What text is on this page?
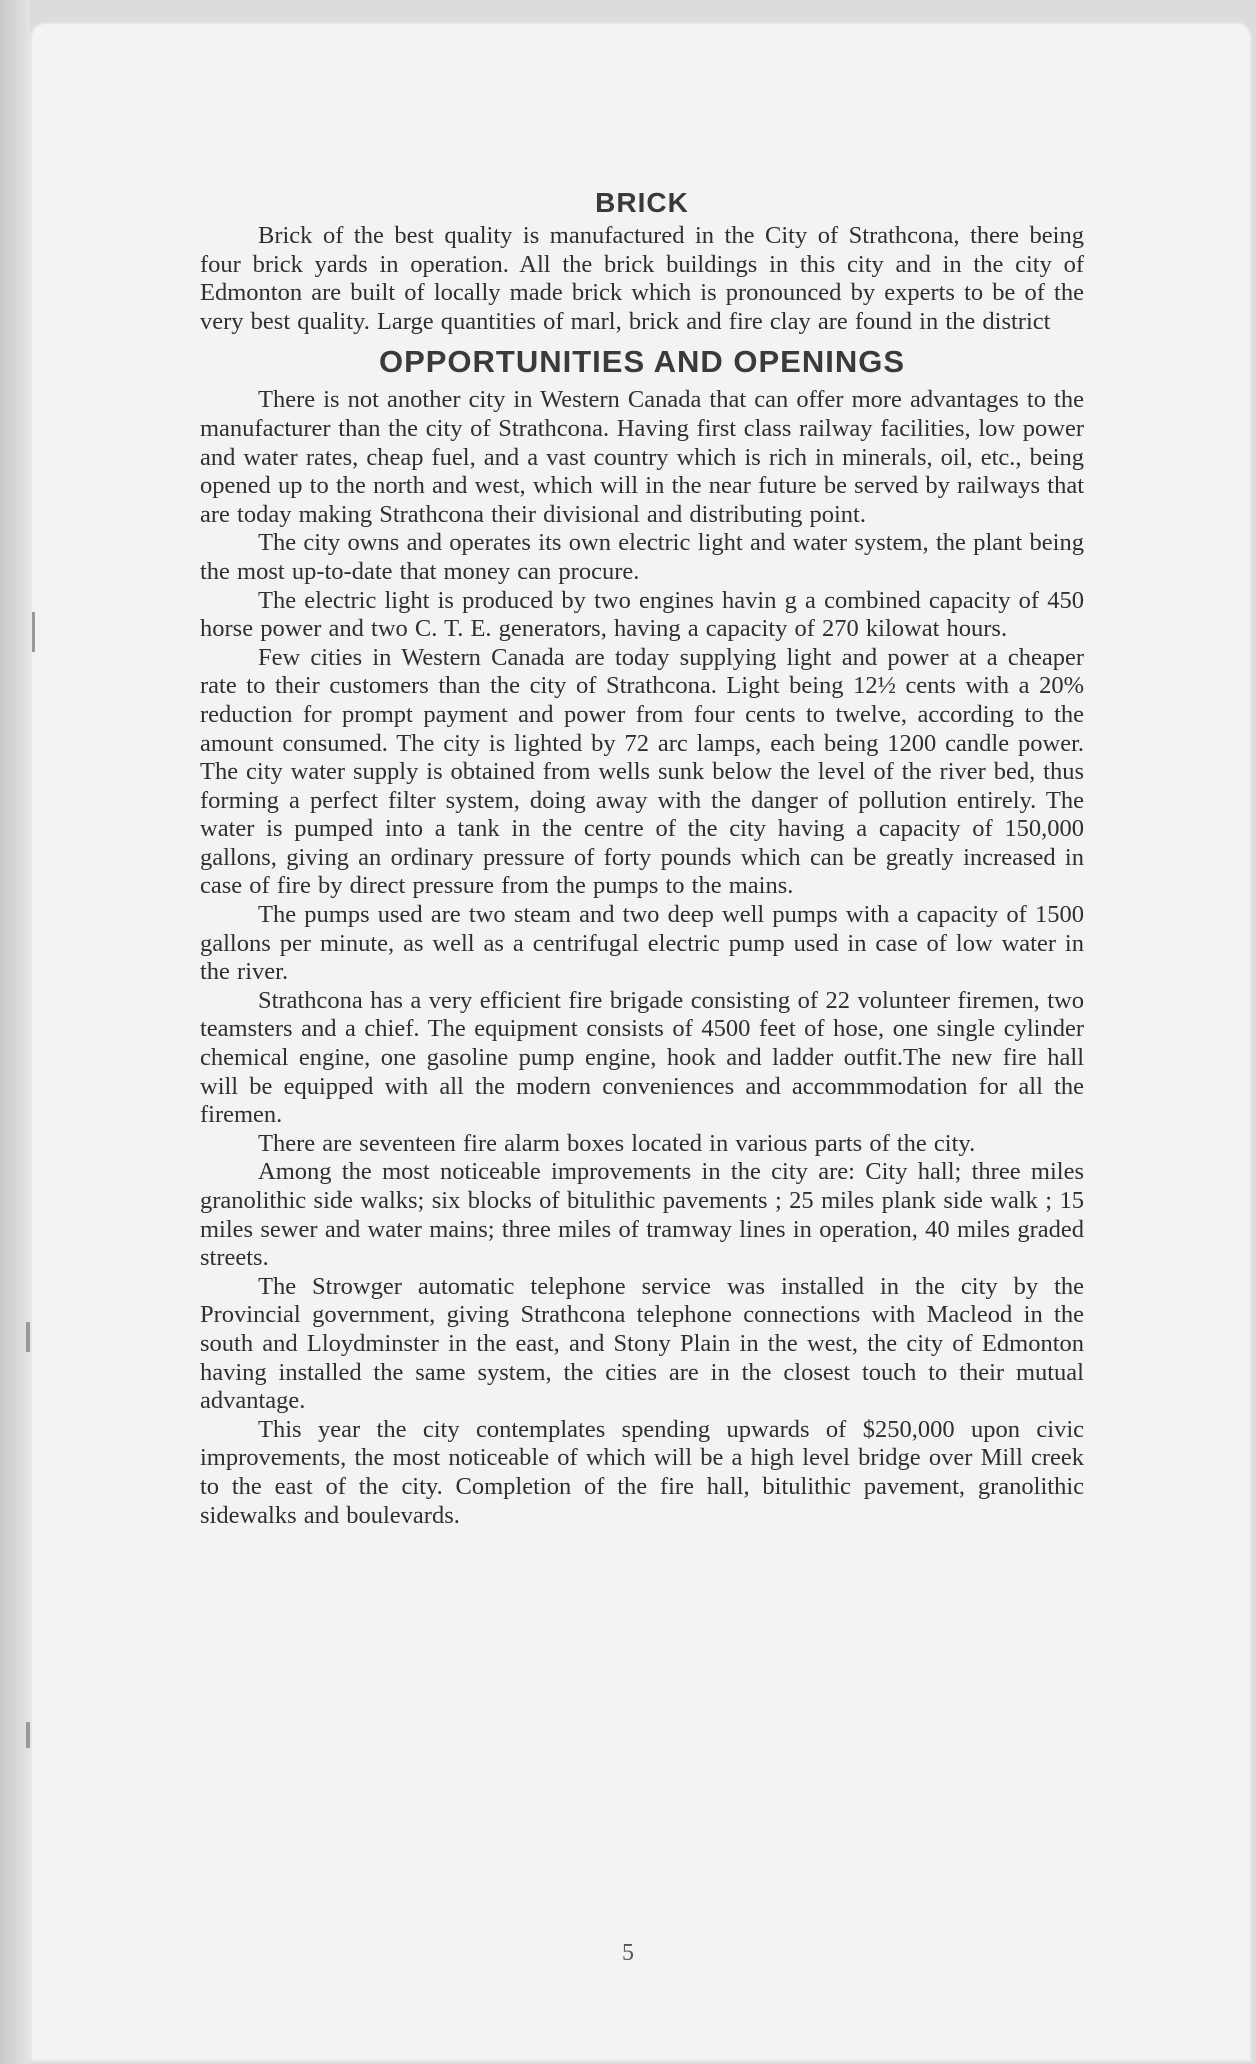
BRICK

Brick of the best quality is manufactured in the City of Strathcona, there being four brick yards in operation. All the brick buildings in this city and in the city of Edmonton are built of locally made brick which is pronounced by experts to be of the very best quality. Large quantities of marl, brick and fire clay are found in the district

OPPORTUNITIES AND OPENINGS

There is not another city in Western Canada that can offer more advantages to the manufacturer than the city of Strathcona. Having first class railway facilities, low power and water rates, cheap fuel, and a vast country which is rich in minerals, oil, etc., being opened up to the north and west, which will in the near future be served by railways that are today making Strathcona their divisional and distributing point.

The city owns and operates its own electric light and water system, the plant being the most up-to-date that money can procure.

The electric light is produced by two engines havin g a combined capacity of 450 horse power and two C. T. E. generators, having a capacity of 270 kilowat hours.

Few cities in Western Canada are today supplying light and power at a cheaper rate to their customers than the city of Strathcona. Light being 12½ cents with a 20% reduction for prompt payment and power from four cents to twelve, according to the amount consumed. The city is lighted by 72 arc lamps, each being 1200 candle power. The city water supply is obtained from wells sunk below the level of the river bed, thus forming a perfect filter system, doing away with the danger of pollution entirely. The water is pumped into a tank in the centre of the city having a capacity of 150,000 gallons, giving an ordinary pressure of forty pounds which can be greatly increased in case of fire by direct pressure from the pumps to the mains.

The pumps used are two steam and two deep well pumps with a capacity of 1500 gallons per minute, as well as a centrifugal electric pump used in case of low water in the river.

Strathcona has a very efficient fire brigade consisting of 22 volunteer firemen, two teamsters and a chief. The equipment consists of 4500 feet of hose, one single cylinder chemical engine, one gasoline pump engine, hook and ladder outfit.The new fire hall will be equipped with all the modern conveniences and accommmodation for all the firemen.

There are seventeen fire alarm boxes located in various parts of the city.

Among the most noticeable improvements in the city are: City hall; three miles granolithic side walks; six blocks of bitulithic pavements ; 25 miles plank side walk ; 15 miles sewer and water mains; three miles of tramway lines in operation, 40 miles graded streets.

The Strowger automatic telephone service was installed in the city by the Provincial government, giving Strathcona telephone connections with Macleod in the south and Lloydminster in the east, and Stony Plain in the west, the city of Edmonton having installed the same system, the cities are in the closest touch to their mutual advantage.

This year the city contemplates spending upwards of $250,000 upon civic improvements, the most noticeable of which will be a high level bridge over Mill creek to the east of the city. Completion of the fire hall, bitulithic pavement, granolithic sidewalks and boulevards.

5
